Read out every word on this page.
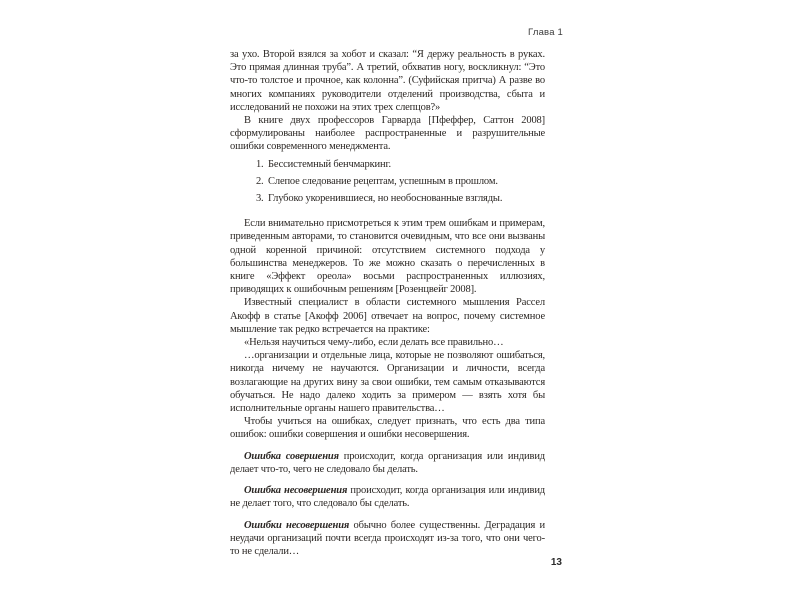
Глава 1

за ухо. Второй взялся за хобот и сказал: “Я держу реальность в руках. Это прямая длинная труба”. А третий, обхватив ногу, воскликнул: “Это что-то толстое и прочное, как колонна”. (Суфийская притча) А разве во многих компаниях руководители отделений производства, сбыта и исследований не похожи на этих трех слепцов?»

В книге двух профессоров Гарварда [Пфеффер, Саттон 2008] сформулированы наиболее распространенные и разрушительные ошибки современного менеджмента.

1. Бессистемный бенчмаркинг.
2. Слепое следование рецептам, успешным в прошлом.
3. Глубоко укоренившиеся, но необоснованные взгляды.

Если внимательно присмотреться к этим трем ошибкам и примерам, приведенным авторами, то становится очевидным, что все они вызваны одной коренной причиной: отсутствием системного подхода у большинства менеджеров. То же можно сказать о перечисленных в книге «Эффект ореола» восьми распространенных иллюзиях, приводящих к ошибочным решениям [Розенцвейг 2008].

Известный специалист в области системного мышления Рассел Акофф в статье [Акофф 2006] отвечает на вопрос, почему системное мышление так редко встречается на практике:

«Нельзя научиться чему-либо, если делать все правильно…

…организации и отдельные лица, которые не позволяют ошибаться, никогда ничему не научаются. Организации и личности, всегда возлагающие на других вину за свои ошибки, тем самым отказываются обучаться. Не надо далеко ходить за примером — взять хотя бы исполнительные органы нашего правительства…

Чтобы учиться на ошибках, следует признать, что есть два типа ошибок: ошибки совершения и ошибки несовершения.

Ошибка совершения происходит, когда организация или индивид делает что-то, чего не следовало бы делать.

Ошибка несовершения происходит, когда организация или индивид не делает того, что следовало бы сделать.

Ошибки несовершения обычно более существенны. Деградация и неудачи организаций почти всегда происходят из-за того, что они чего-то не сделали…

13
